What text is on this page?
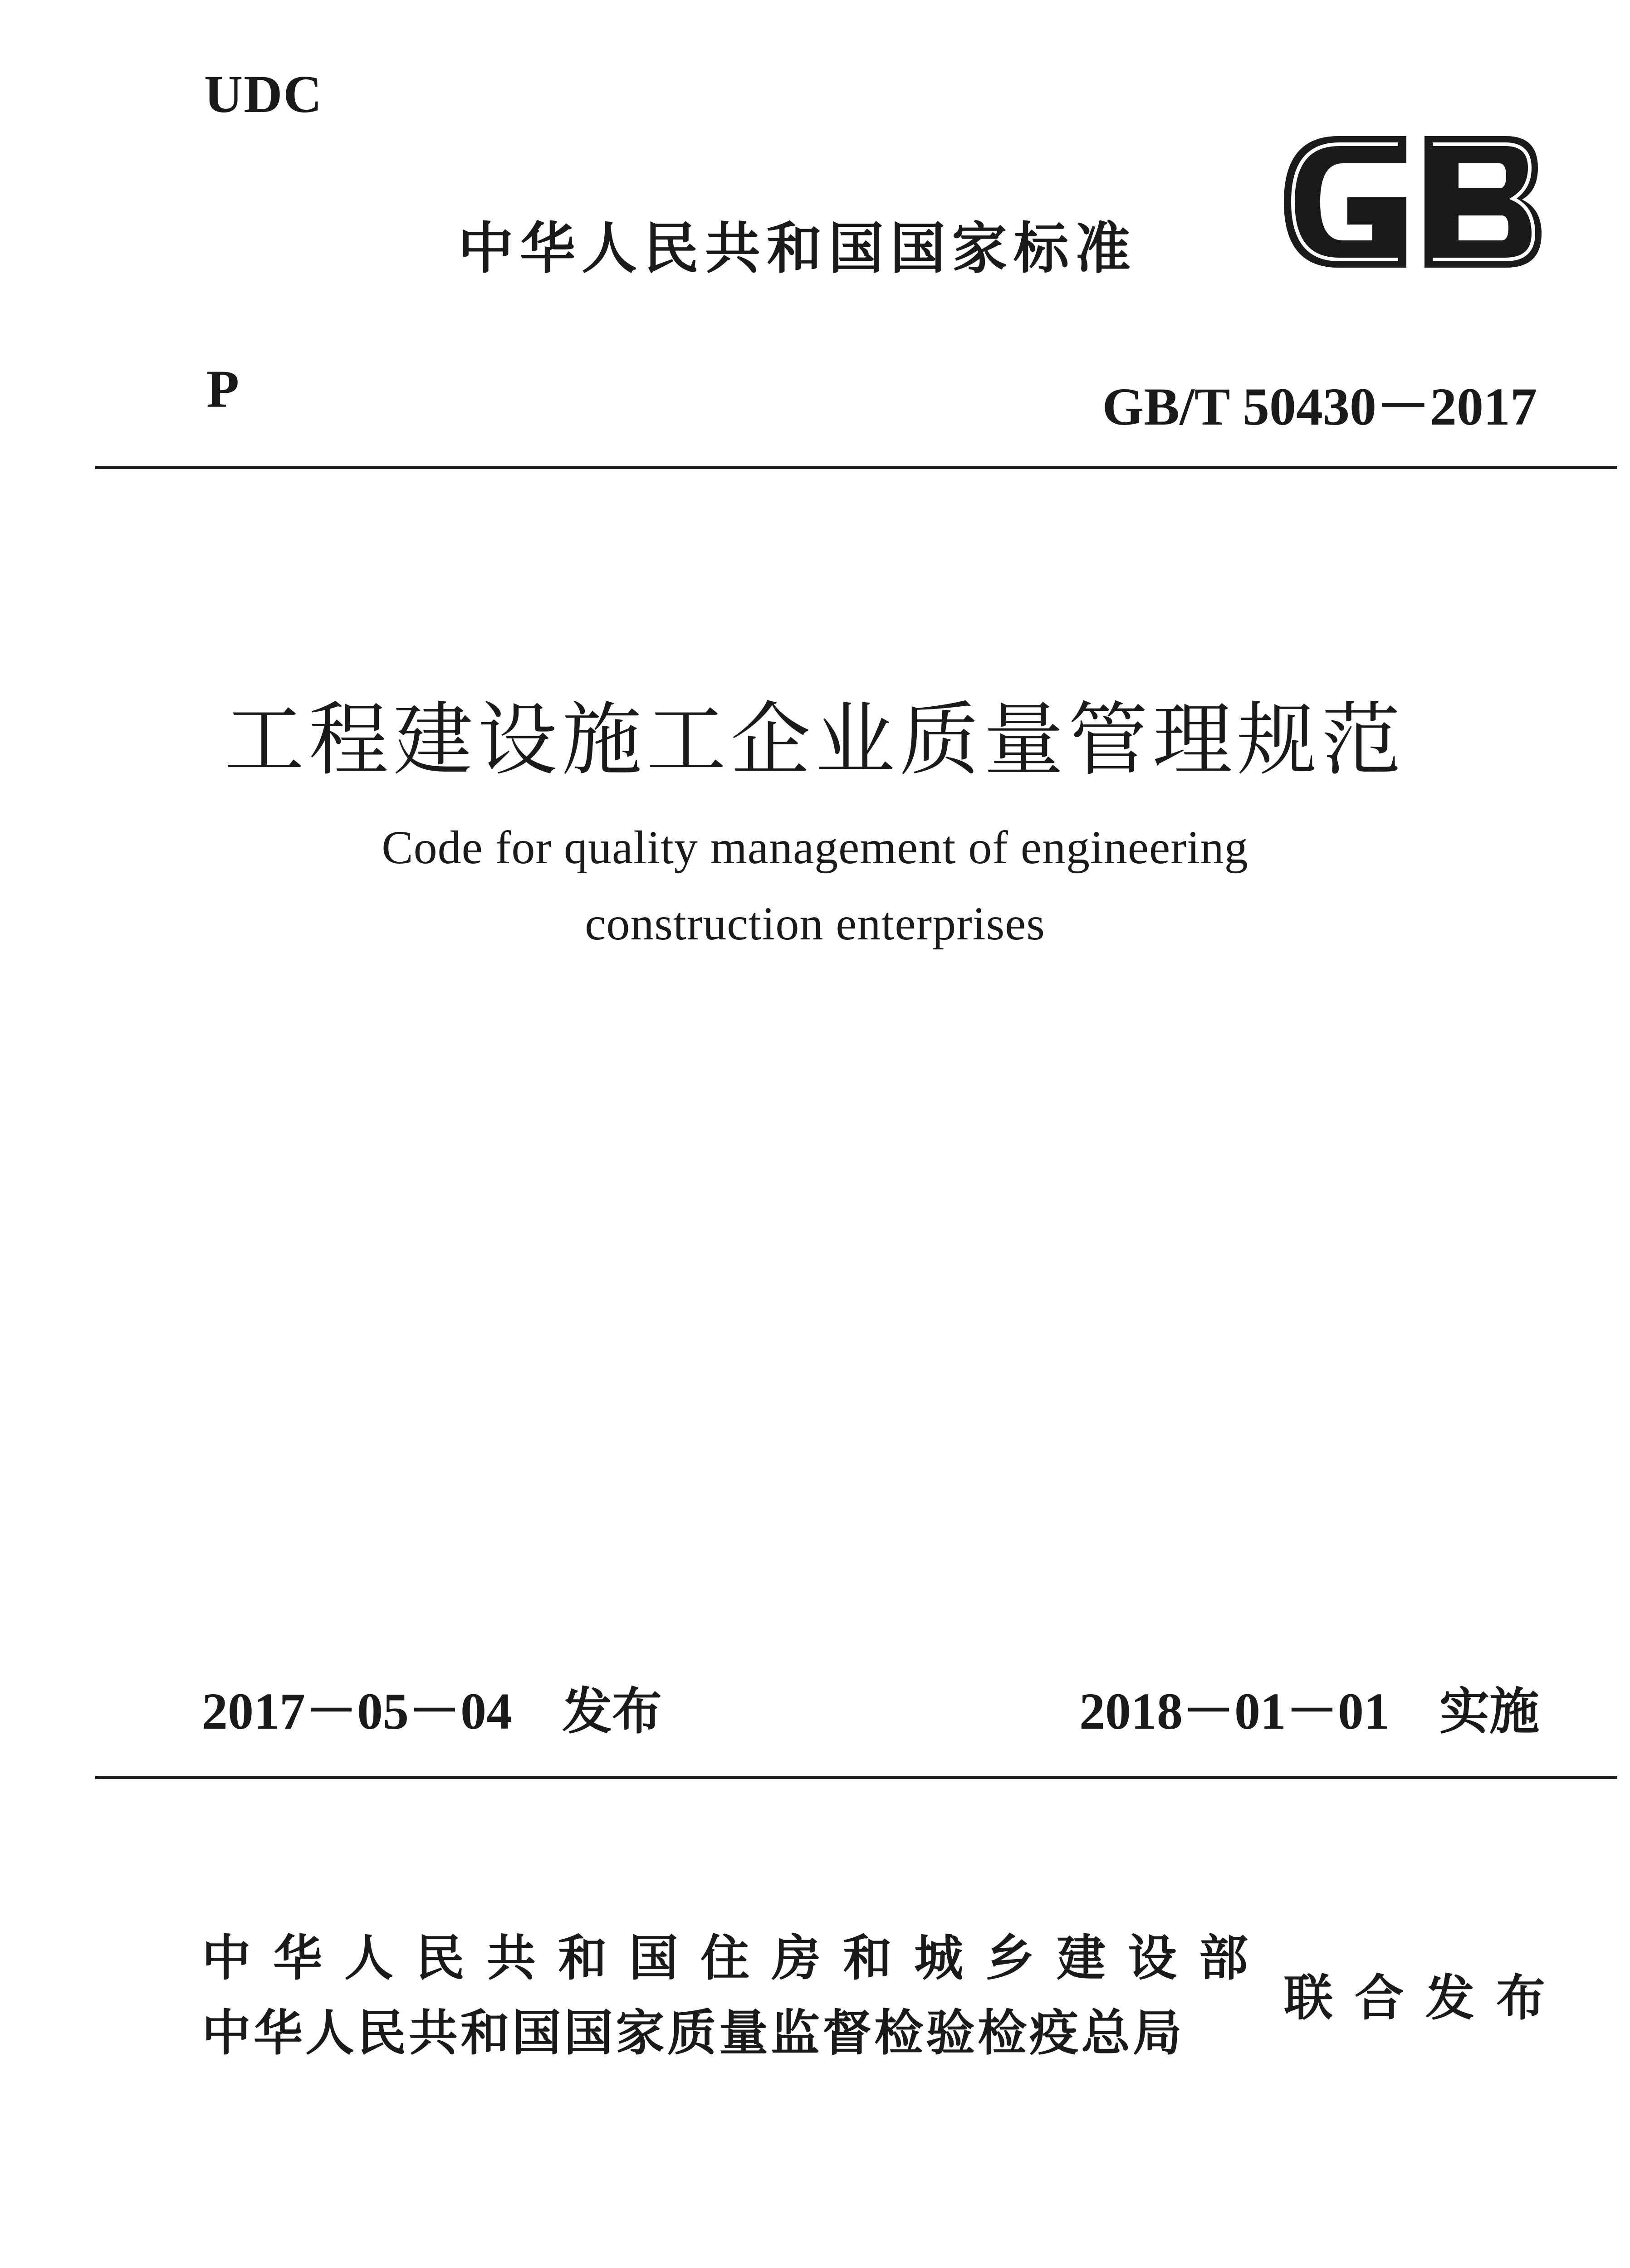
UDC
中华人民共和国国家标准
P	GB/T 50430－2017
工程建设施工企业质量管理规范
Code for quality management of engineering
construction enterprises
2017－05－04 发布	2018－01－01 实施
中华人民共和国住房和城乡建设部
中华人民共和国国家质量监督检验检疫总局
联合发布
